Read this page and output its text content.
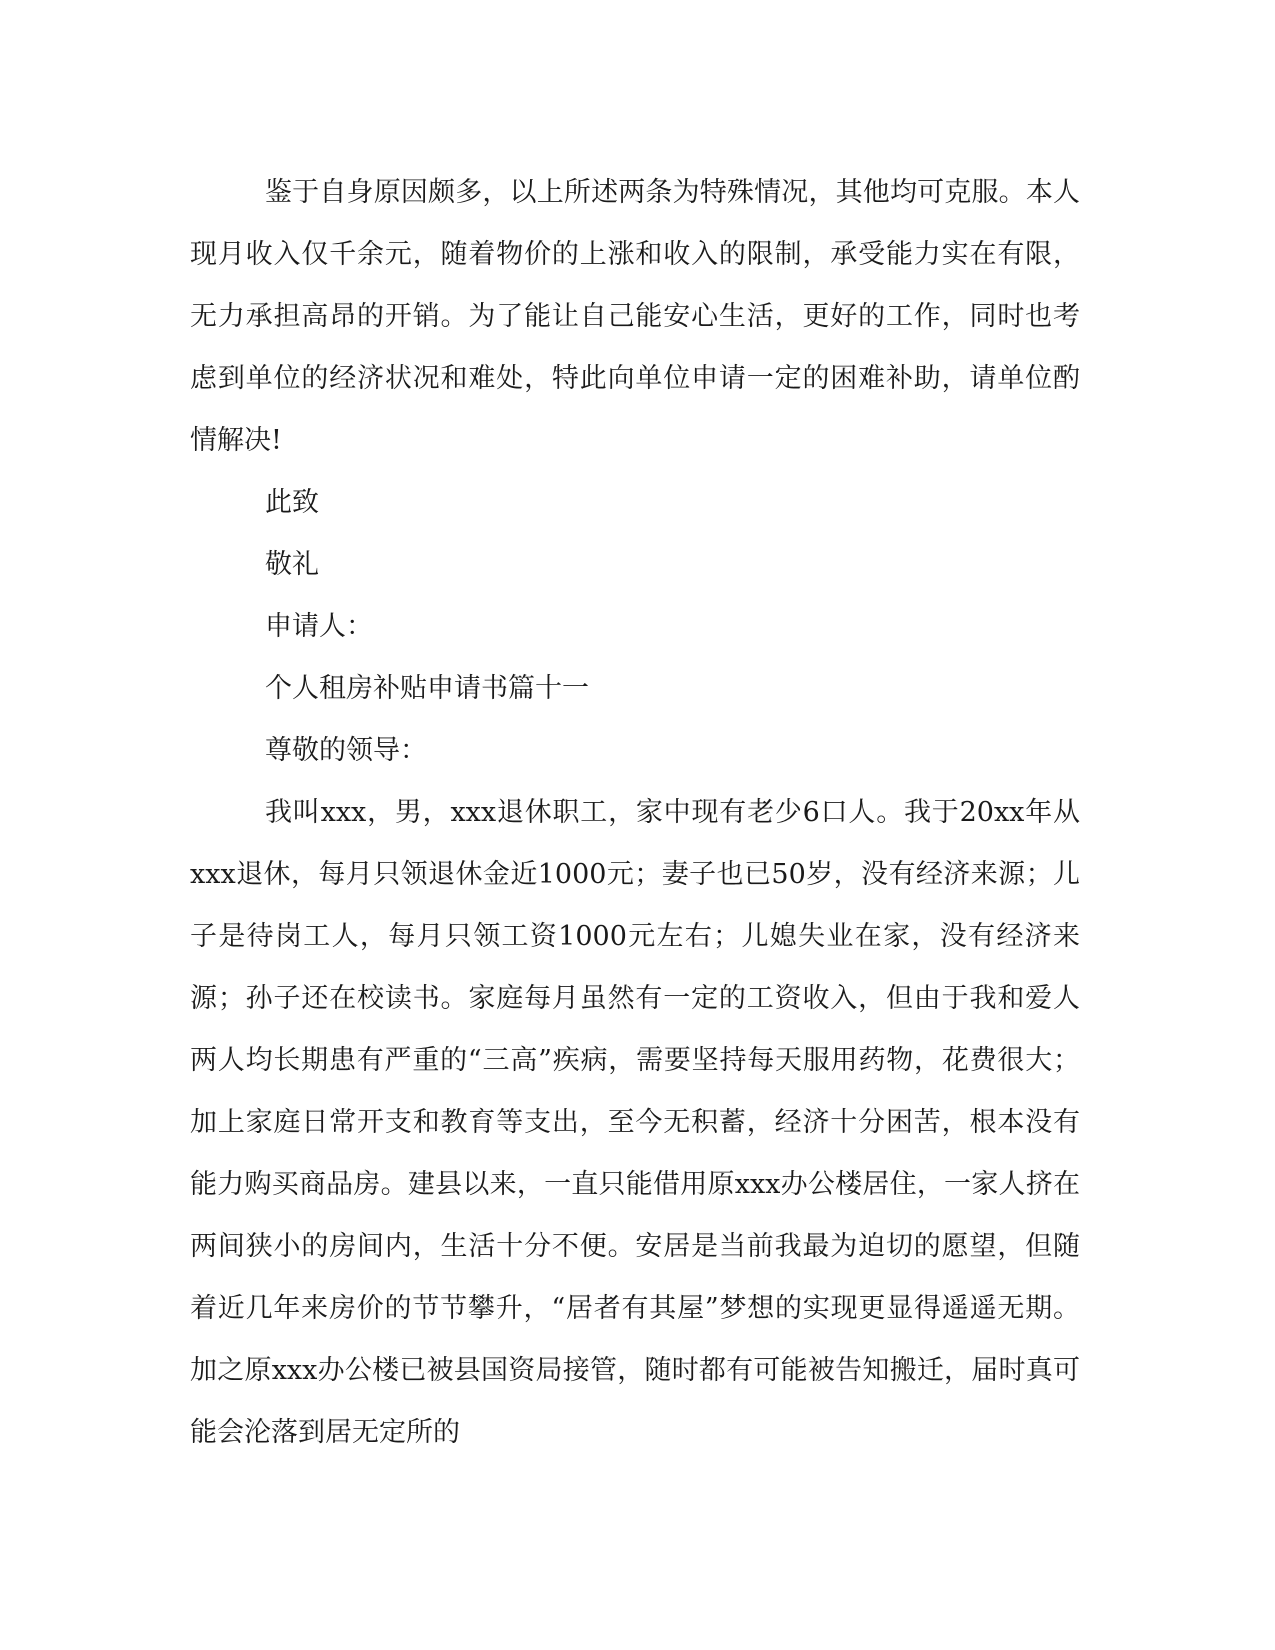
鉴于自身原因颇多，以上所述两条为特殊情况，其他均可克服。本人现月收入仅千余元，随着物价的上涨和收入的限制，承受能力实在有限，无力承担高昂的开销。为了能让自己能安心生活，更好的工作，同时也考虑到单位的经济状况和难处，特此向单位申请一定的困难补助，请单位酌情解决!

此致

敬礼

申请人：

个人租房补贴申请书篇十一

尊敬的领导：

我叫xxx，男，xxx退休职工，家中现有老少6口人。我于20xx年从xxx退休，每月只领退休金近1000元；妻子也已50岁，没有经济来源；儿子是待岗工人，每月只领工资1000元左右；儿媳失业在家，没有经济来源；孙子还在校读书。家庭每月虽然有一定的工资收入，但由于我和爱人两人均长期患有严重的“三高”疾病，需要坚持每天服用药物，花费很大；加上家庭日常开支和教育等支出，至今无积蓄，经济十分困苦，根本没有能力购买商品房。建县以来，一直只能借用原xxx办公楼居住，一家人挤在两间狭小的房间内，生活十分不便。安居是当前我最为迫切的愿望，但随着近几年来房价的节节攀升，“居者有其屋”梦想的实现更显得遥遥无期。加之原xxx办公楼已被县国资局接管，随时都有可能被告知搬迁，届时真可能会沦落到居无定所的
